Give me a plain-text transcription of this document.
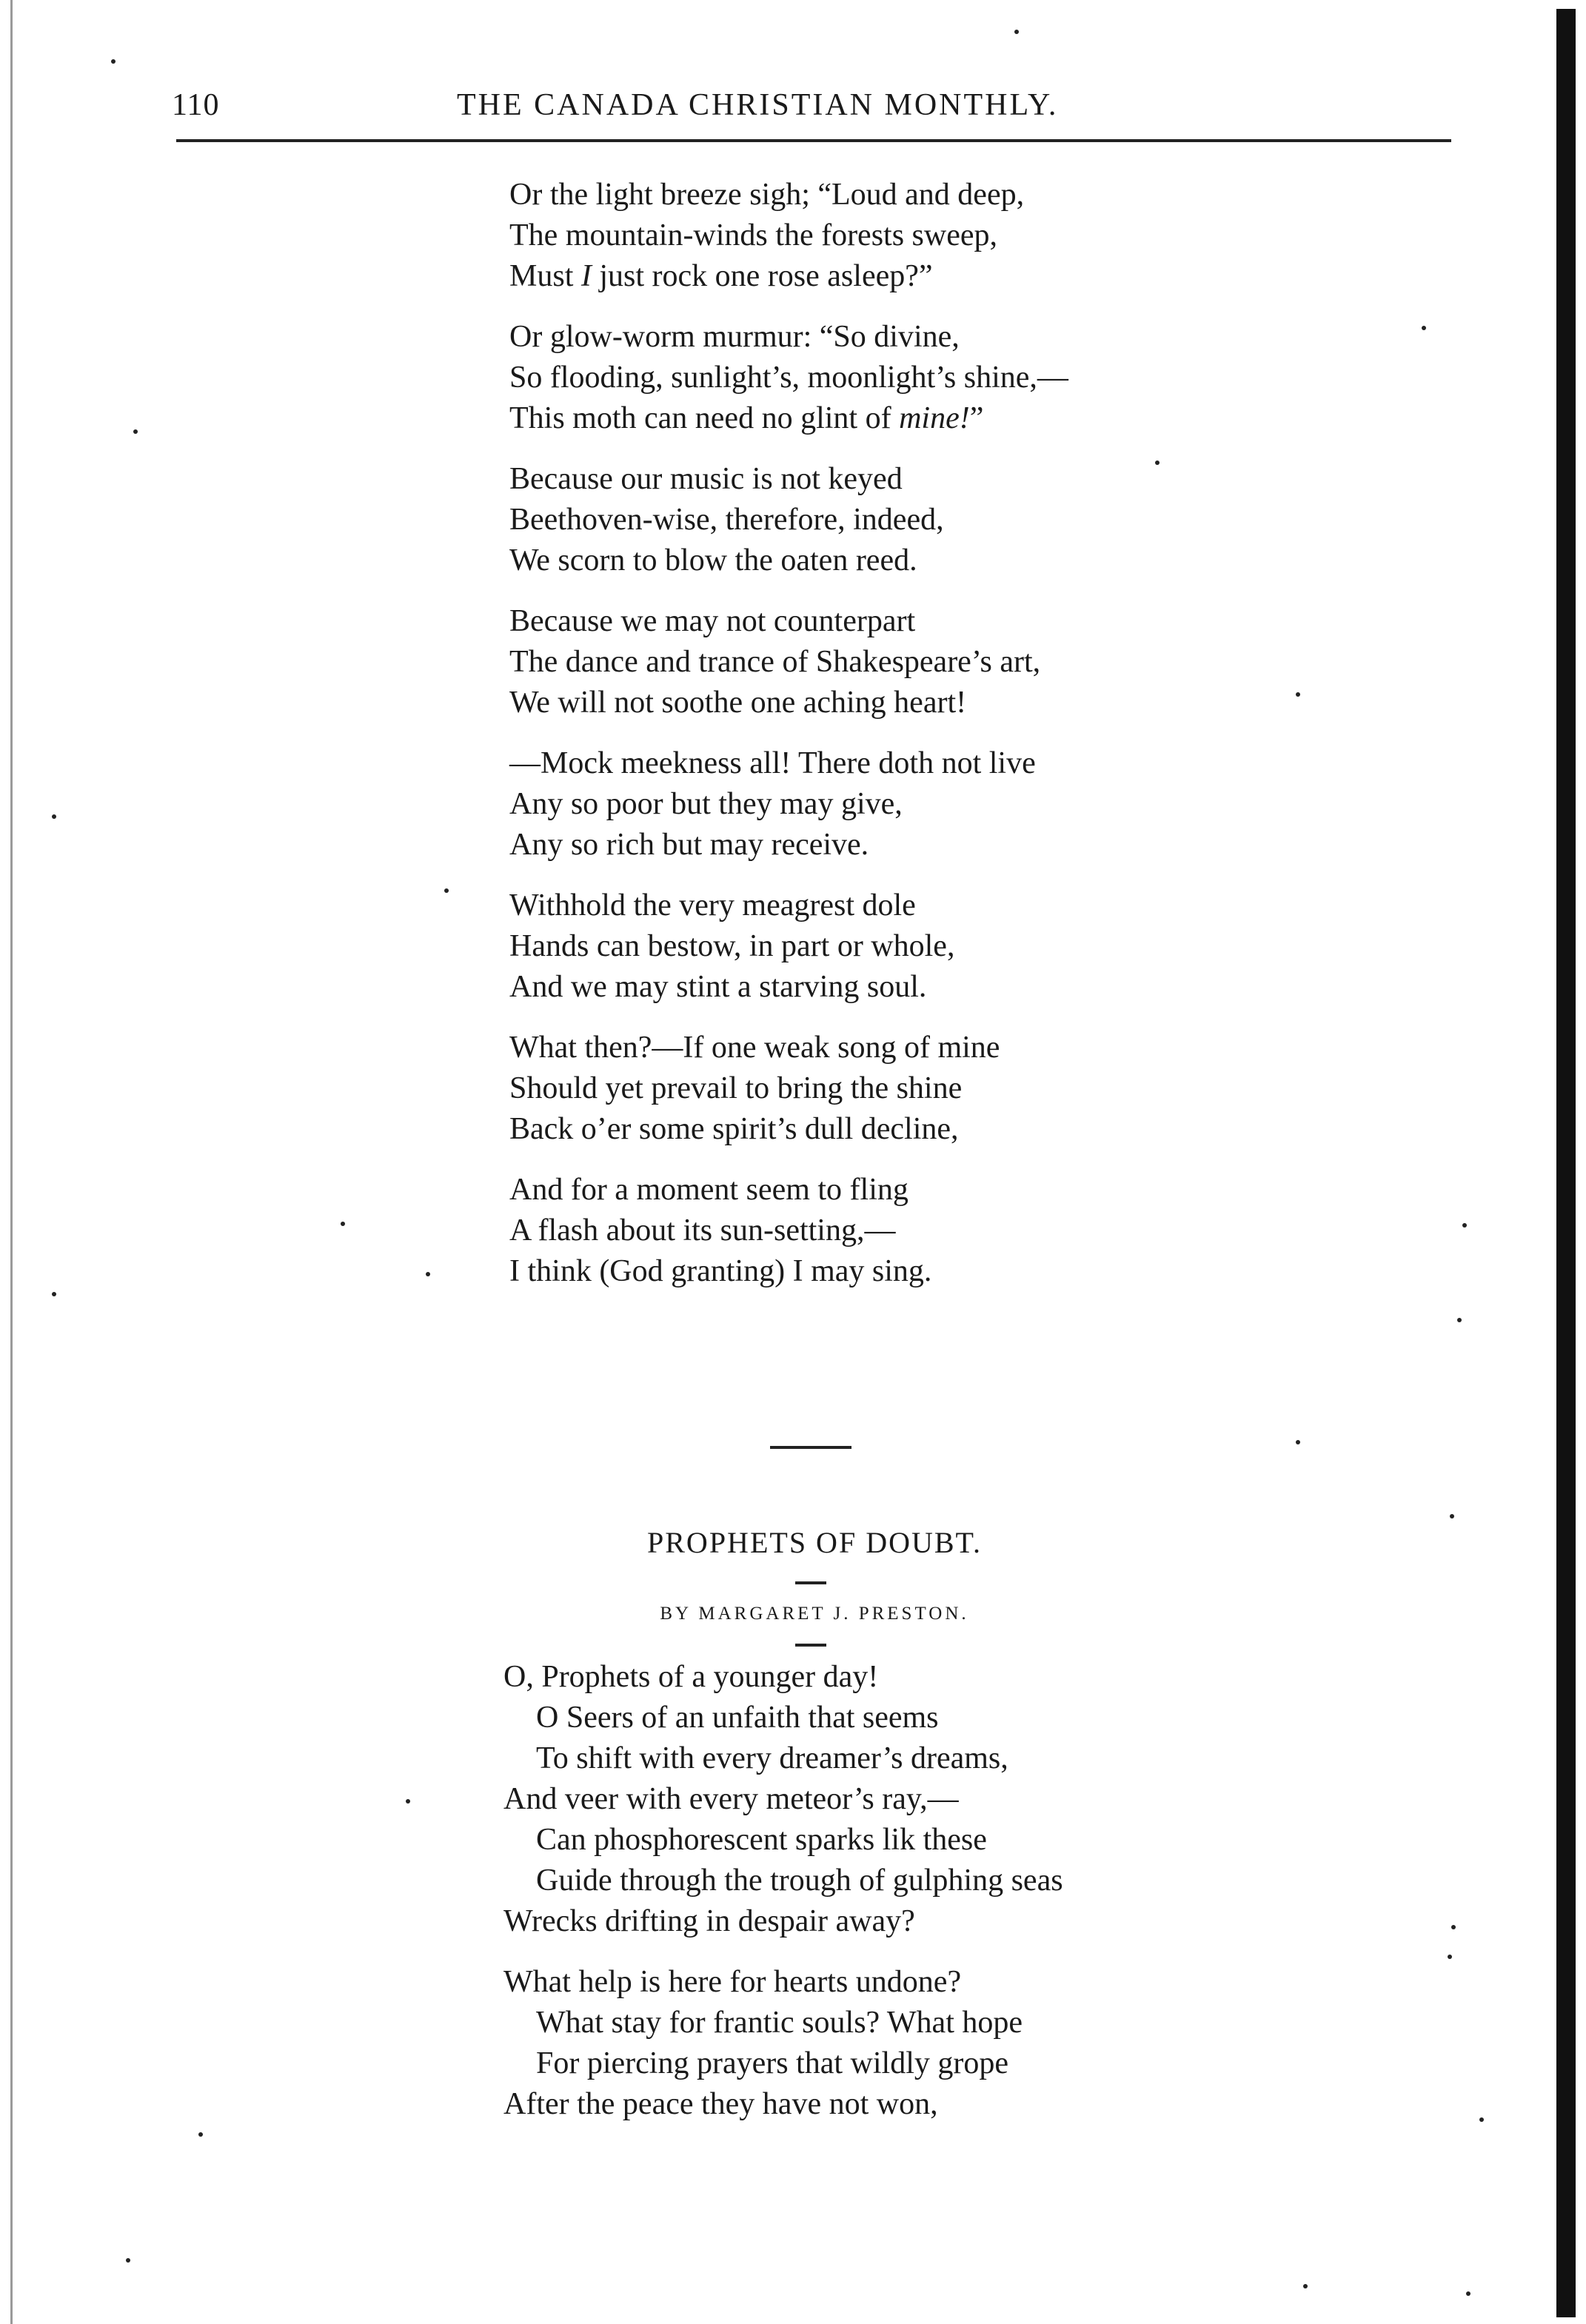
110	THE CANADA CHRISTIAN MONTHLY.
Or the light breeze sigh; “Loud and deep,
The mountain-winds the forests sweep,
Must I just rock one rose asleep?”
Or glow-worm murmur: “So divine,
So flooding, sunlight’s, moonlight’s shine,—
This moth can need no glint of mine!”
Because our music is not keyed
Beethoven-wise, therefore, indeed,
We scorn to blow the oaten reed.
Because we may not counterpart
The dance and trance of Shakespeare’s art,
We will not soothe one aching heart!
—Mock meekness all! There doth not live
Any so poor but they may give,
Any so rich but may receive.
Withhold the very meagrest dole
Hands can bestow, in part or whole,
And we may stint a starving soul.
What then?—If one weak song of mine
Should yet prevail to bring the shine
Back o’er some spirit’s dull decline,
And for a moment seem to fling
A flash about its sun-setting,—
I think (God granting) I may sing.
PROPHETS OF DOUBT.
BY MARGARET J. PRESTON.
O, Prophets of a younger day!
O Seers of an unfaith that seems
To shift with every dreamer’s dreams,
And veer with every meteor’s ray,—
Can phosphorescent sparks lik these
Guide through the trough of gulphing seas
Wrecks drifting in despair away?
What help is here for hearts undone?
What stay for frantic souls? What hope
For piercing prayers that wildly grope
After the peace they have not won,
